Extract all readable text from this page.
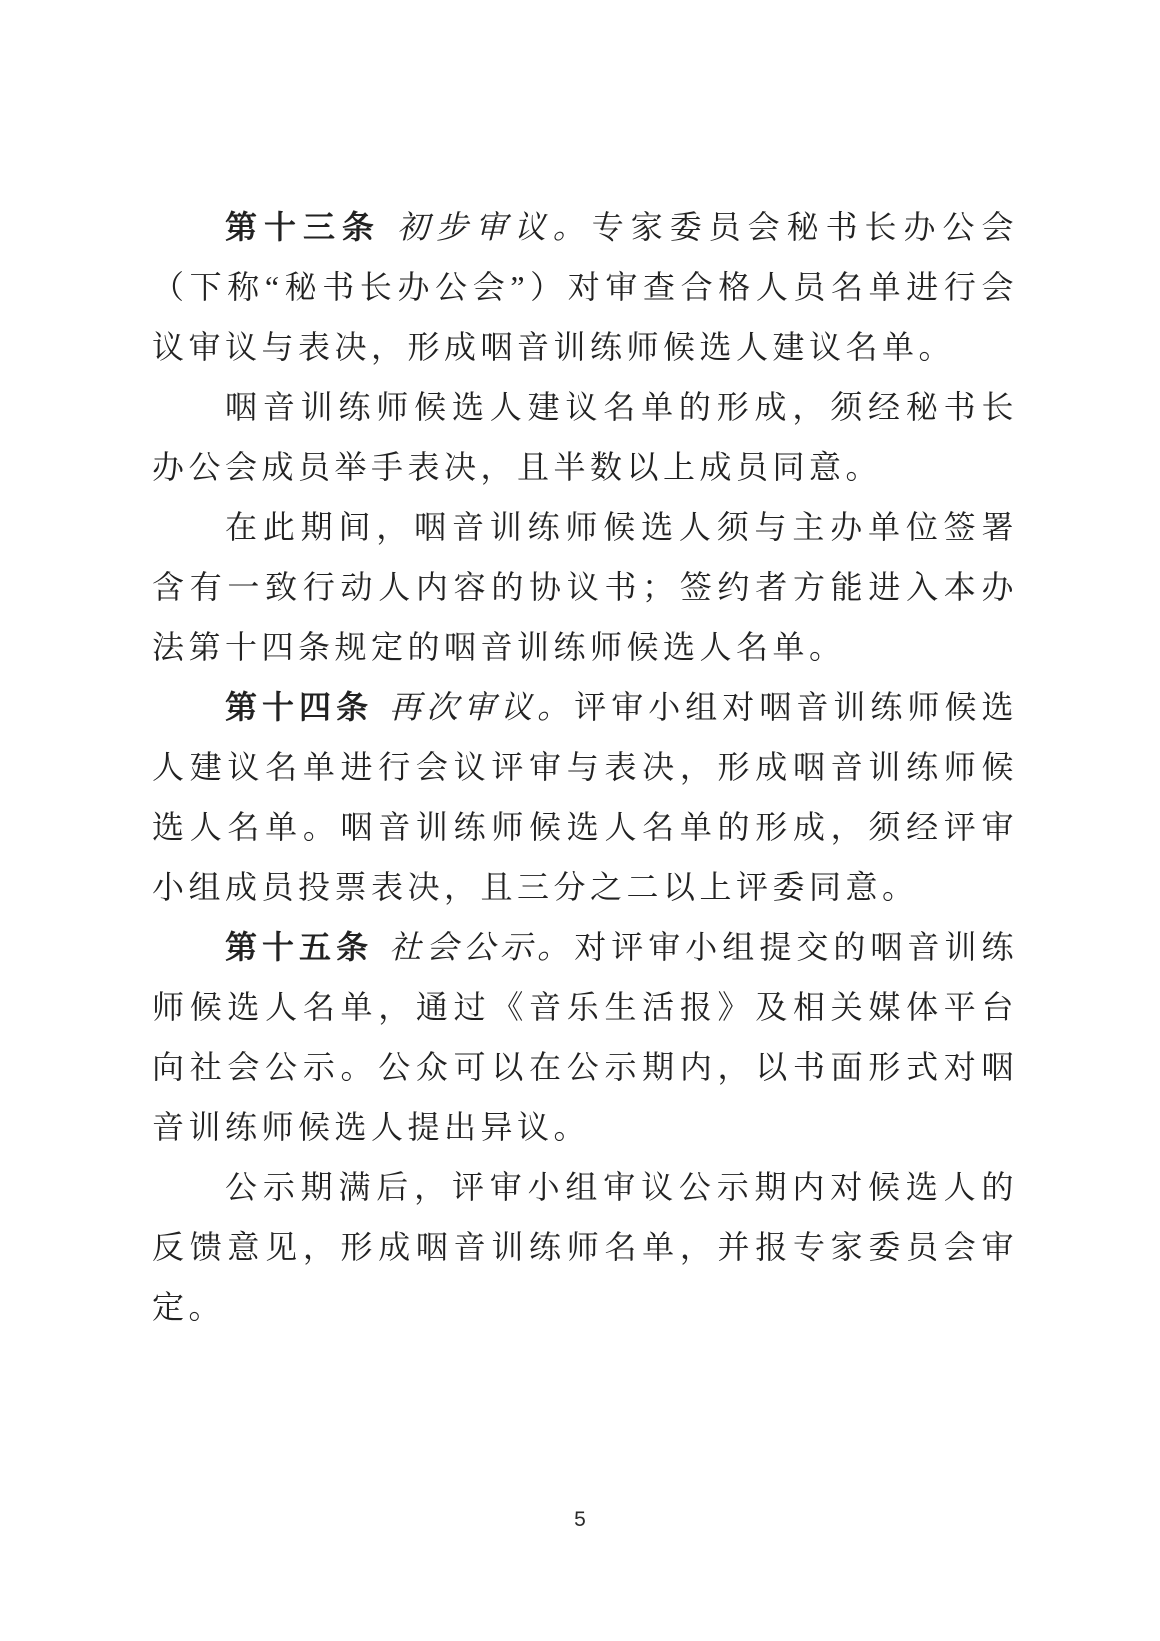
第十三条 初步审议。专家委员会秘书长办公会（下称“秘书长办公会”）对审查合格人员名单进行会议审议与表决，形成咽音训练师候选人建议名单。

咽音训练师候选人建议名单的形成，须经秘书长办公会成员举手表决，且半数以上成员同意。

在此期间，咽音训练师候选人须与主办单位签署含有一致行动人内容的协议书；签约者方能进入本办法第十四条规定的咽音训练师候选人名单。

第十四条 再次审议。评审小组对咽音训练师候选人建议名单进行会议评审与表决，形成咽音训练师候选人名单。咽音训练师候选人名单的形成，须经评审小组成员投票表决，且三分之二以上评委同意。

第十五条 社会公示。对评审小组提交的咽音训练师候选人名单，通过《音乐生活报》及相关媒体平台向社会公示。公众可以在公示期内，以书面形式对咽音训练师候选人提出异议。

公示期满后，评审小组审议公示期内对候选人的反馈意见，形成咽音训练师名单，并报专家委员会审定。

5
